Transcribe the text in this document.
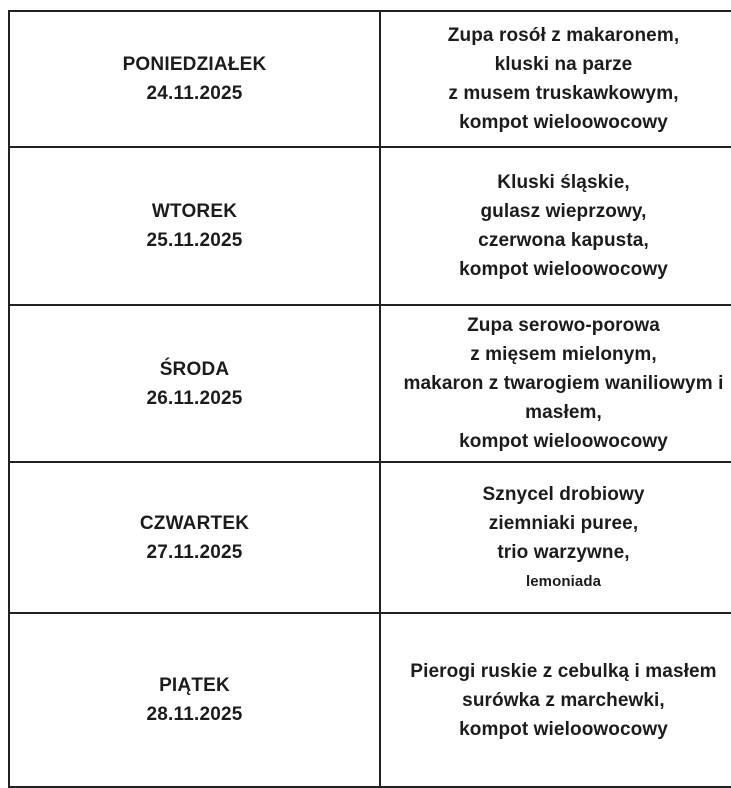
PONIEDZIAŁEK
24.11.2025

Zupa rosół z makaronem,
kluski na parze
z musem truskawkowym,
kompot wieloowocowy

WTOREK
25.11.2025

Kluski śląskie,
gulasz wieprzowy,
czerwona kapusta,
kompot wieloowocowy

ŚRODA
26.11.2025

Zupa serowo-porowa
z mięsem mielonym,
makaron z twarogiem waniliowym i masłem,
kompot wieloowocowy

CZWARTEK
27.11.2025

Sznycel drobiowy
ziemniaki puree,
trio warzywne,
lemoniada

PIĄTEK
28.11.2025

Pierogi ruskie z cebulką i masłem
surówka z marchewki,
kompot wieloowocowy
